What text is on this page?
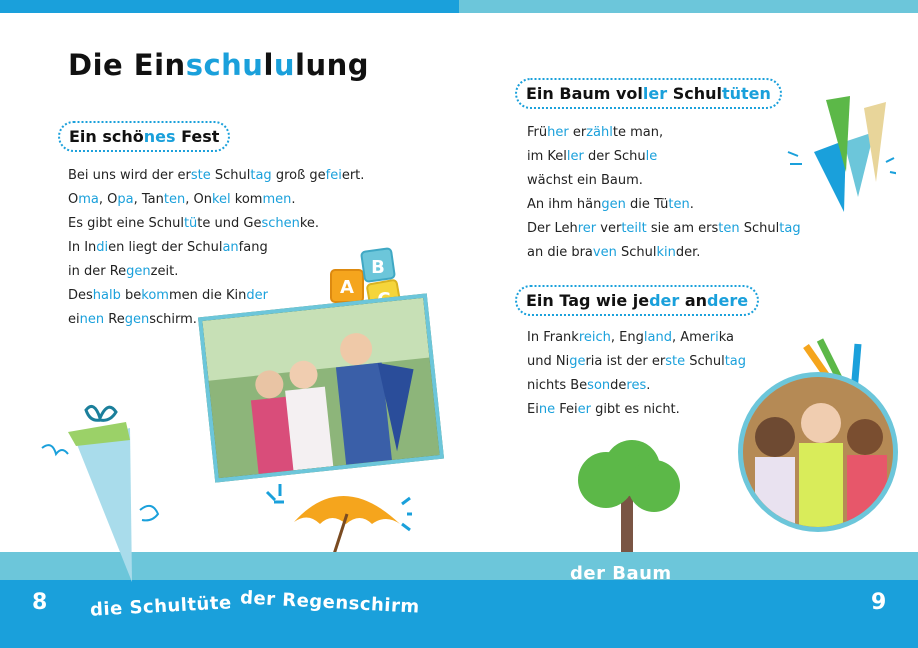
Die Einschululung
Ein schönes Fest
Bei uns wird der erste Schultag groß gefeiert.
Oma, Opa, Tanten, Onkel kommen.
Es gibt eine Schultüte und Geschenke.
In Indien liegt der Schulanfang
in der Regenzeit.
Deshalb bekommen die Kinder
einen Regenschirm.
Ein Baum voller Schultüten
Früher erzählte man,
im Keller der Schule
wächst ein Baum.
An ihm hängen die Tüten.
Der Lehrer verteilt sie am ersten Schultag
an die braven Schulkinder.
Ein Tag wie jeder andere
In Frankreich, England, Amerika
und Nigeria ist der erste Schultag
nichts Besonderes.
Eine Feier gibt es nicht.
A
B
8	9
die Schultüte der Regenschirm
der Baum
